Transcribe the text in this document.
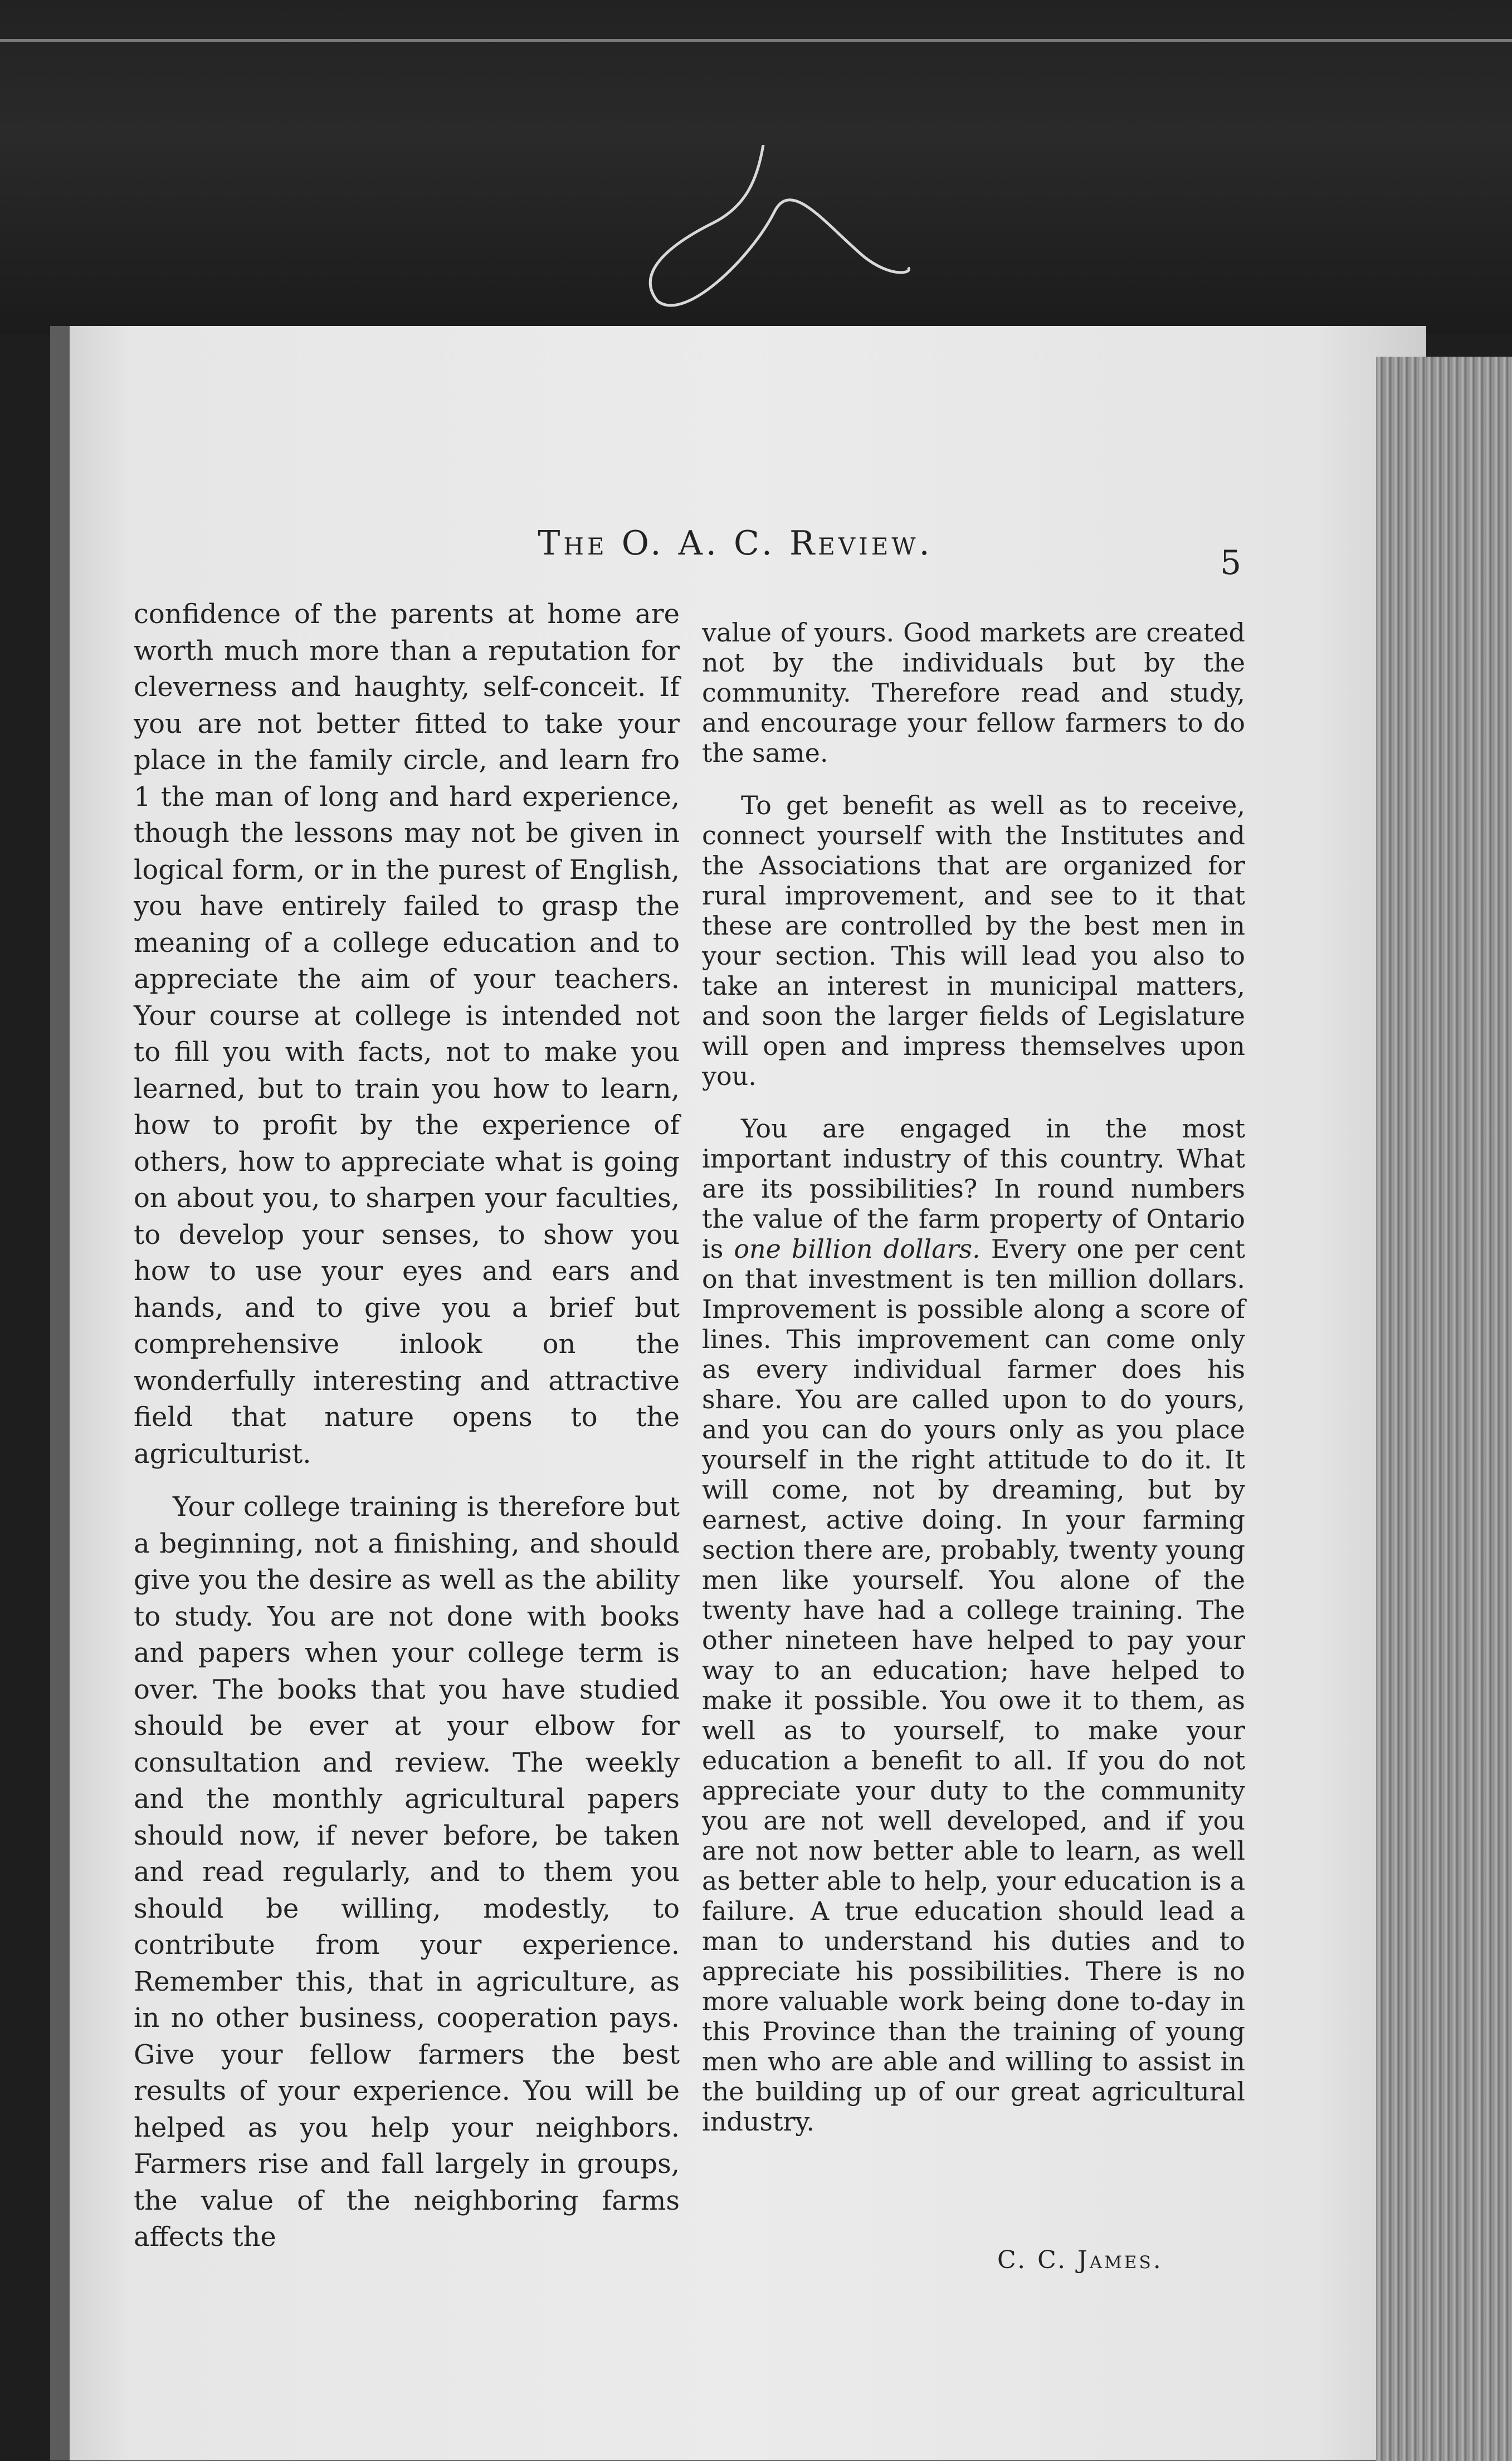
The O. A. C. Review.	5

confidence of the parents at home are worth much more than a reputation for cleverness and haughty, self-conceit. If you are not better fitted to take your place in the family circle, and learn fro 1 the man of long and hard experience, though the lessons may not be given in logical form, or in the purest of English, you have entirely failed to grasp the meaning of a college education and to appreciate the aim of your teachers. Your course at college is intended not to fill you with facts, not to make you learned, but to train you how to learn, how to profit by the experience of others, how to appreciate what is going on about you, to sharpen your faculties, to develop your senses, to show you how to use your eyes and ears and hands, and to give you a brief but comprehensive inlook on the wonderfully interesting and attractive field that nature opens to the agriculturist.

Your college training is therefore but a beginning, not a finishing, and should give you the desire as well as the ability to study. You are not done with books and papers when your college term is over. The books that you have studied should be ever at your elbow for consultation and review. The weekly and the monthly agricultural papers should now, if never before, be taken and read regularly, and to them you should be willing, modestly, to contribute from your experience. Remember this, that in agriculture, as in no other business, cooperation pays. Give your fellow farmers the best results of your experience. You will be helped as you help your neighbors. Farmers rise and fall largely in groups, the value of the neighboring farms affects the

value of yours. Good markets are created not by the individuals but by the community. Therefore read and study, and encourage your fellow farmers to do the same.

To get benefit as well as to receive, connect yourself with the Institutes and the Associations that are organized for rural improvement, and see to it that these are controlled by the best men in your section. This will lead you also to take an interest in municipal matters, and soon the larger fields of Legislature will open and impress themselves upon you.

You are engaged in the most important industry of this country. What are its possibilities? In round numbers the value of the farm property of Ontario is one billion dollars. Every one per cent on that investment is ten million dollars. Improvement is possible along a score of lines. This improvement can come only as every individual farmer does his share. You are called upon to do yours, and you can do yours only as you place yourself in the right attitude to do it. It will come, not by dreaming, but by earnest, active doing. In your farming section there are, probably, twenty young men like yourself. You alone of the twenty have had a college training. The other nineteen have helped to pay your way to an education; have helped to make it possible. You owe it to them, as well as to yourself, to make your education a benefit to all. If you do not appreciate your duty to the community you are not well developed, and if you are not now better able to learn, as well as better able to help, your education is a failure. A true education should lead a man to understand his duties and to appreciate his possibilities. There is no more valuable work being done to-day in this Province than the training of young men who are able and willing to assist in the building up of our great agricultural industry.

C. C. James.
